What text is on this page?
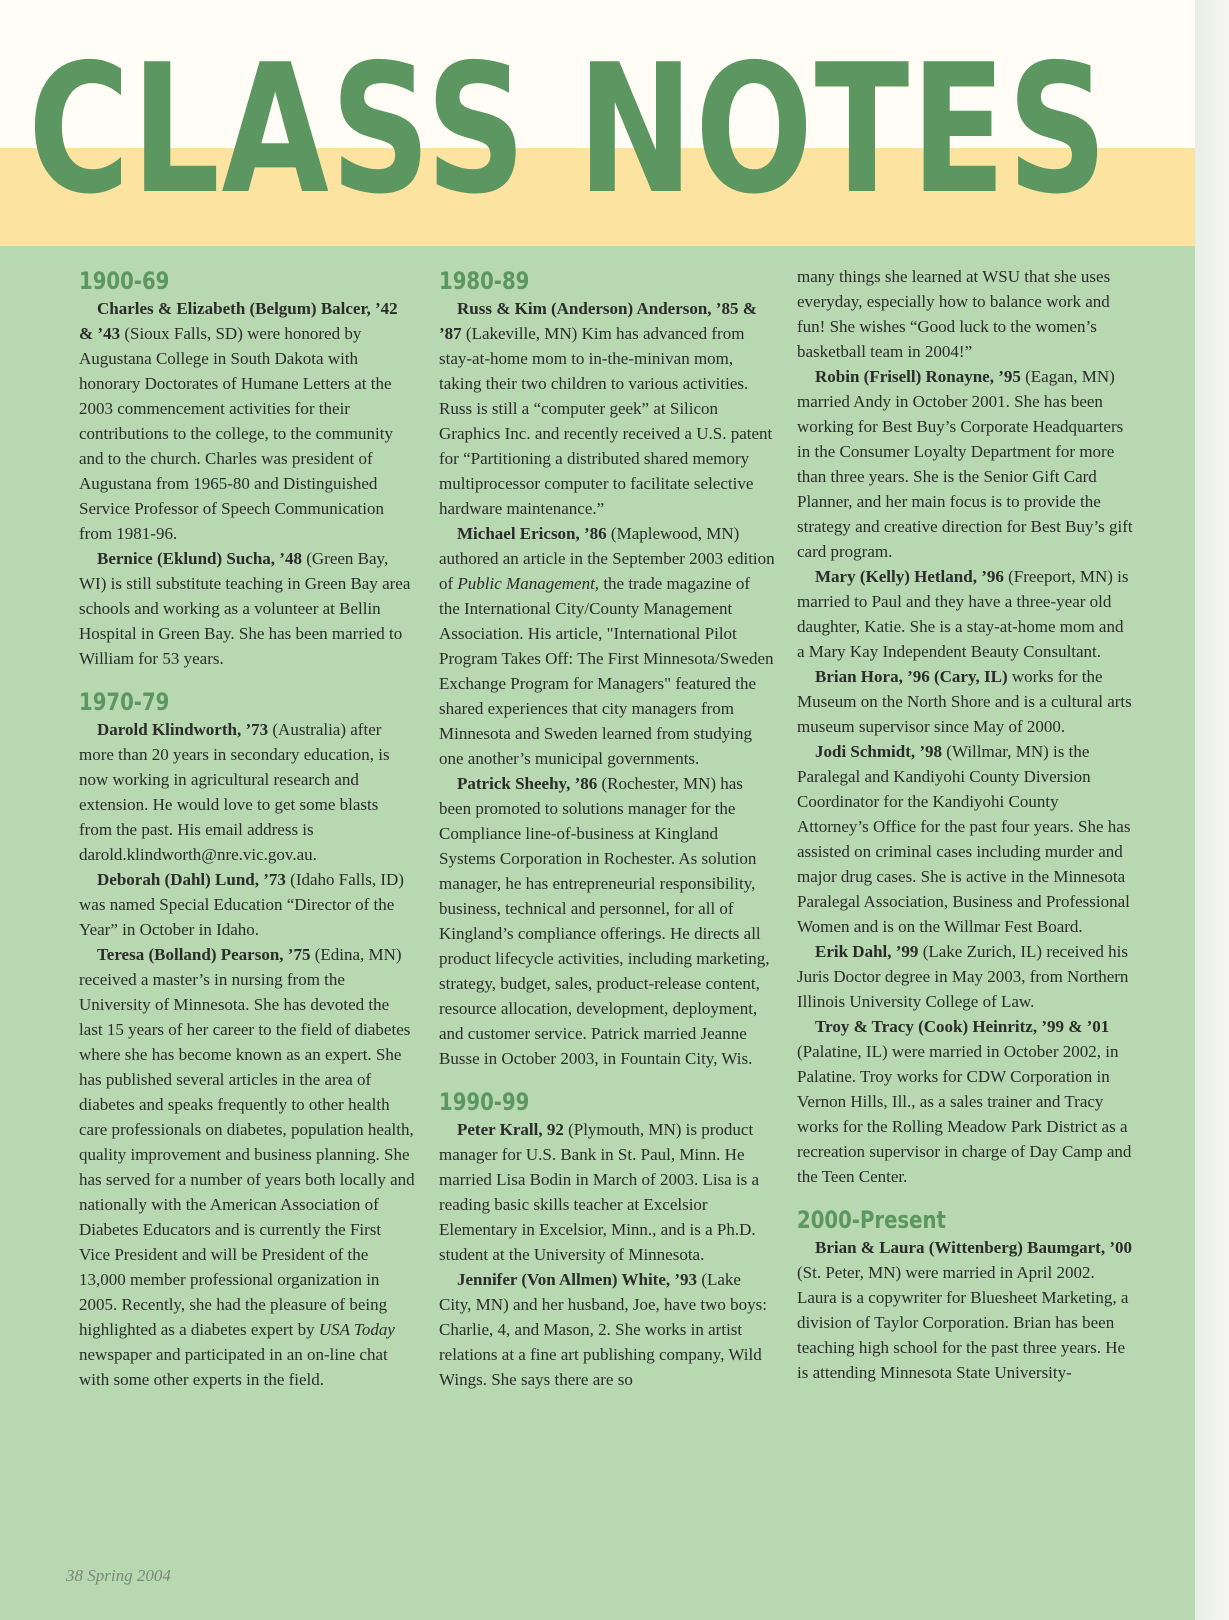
CLASS NOTES
1900-69

Charles & Elizabeth (Belgum) Balcer, ’42 & ’43 (Sioux Falls, SD) were honored by Augustana College in South Dakota with honorary Doctorates of Humane Letters at the 2003 commencement activities for their contributions to the college, to the community and to the church. Charles was president of Augustana from 1965-80 and Distinguished Service Professor of Speech Communication from 1981-96.

Bernice (Eklund) Sucha, ’48 (Green Bay, WI) is still substitute teaching in Green Bay area schools and working as a volunteer at Bellin Hospital in Green Bay. She has been married to William for 53 years.

1970-79

Darold Klindworth, ’73 (Australia) after more than 20 years in secondary education, is now working in agricultural research and extension. He would love to get some blasts from the past. His email address is darold.klindworth@nre.vic.gov.au.

Deborah (Dahl) Lund, ’73 (Idaho Falls, ID) was named Special Education “Director of the Year” in October in Idaho.

Teresa (Bolland) Pearson, ’75 (Edina, MN) received a master’s in nursing from the University of Minnesota. She has devoted the last 15 years of her career to the field of diabetes where she has become known as an expert. She has published several articles in the area of diabetes and speaks frequently to other health care professionals on diabetes, population health, quality improvement and business planning. She has served for a number of years both locally and nationally with the American Association of Diabetes Educators and is currently the First Vice President and will be President of the 13,000 member professional organization in 2005. Recently, she had the pleasure of being highlighted as a diabetes expert by USA Today newspaper and participated in an on-line chat with some other experts in the field.

1980-89

Russ & Kim (Anderson) Anderson, ’85 & ’87 (Lakeville, MN) Kim has advanced from stay-at-home mom to in-the-minivan mom, taking their two children to various activities. Russ is still a “computer geek” at Silicon Graphics Inc. and recently received a U.S. patent for “Partitioning a distributed shared memory multiprocessor computer to facilitate selective hardware maintenance.”

Michael Ericson, ’86 (Maplewood, MN) authored an article in the September 2003 edition of Public Management, the trade magazine of the International City/County Management Association. His article, "International Pilot Program Takes Off: The First Minnesota/Sweden Exchange Program for Managers" featured the shared experiences that city managers from Minnesota and Sweden learned from studying one another’s municipal governments.

Patrick Sheehy, ’86 (Rochester, MN) has been promoted to solutions manager for the Compliance line-of-business at Kingland Systems Corporation in Rochester. As solution manager, he has entrepreneurial responsibility, business, technical and personnel, for all of Kingland’s compliance offerings. He directs all product lifecycle activities, including marketing, strategy, budget, sales, product-release content, resource allocation, development, deployment, and customer service. Patrick married Jeanne Busse in October 2003, in Fountain City, Wis.

1990-99

Peter Krall, 92 (Plymouth, MN) is product manager for U.S. Bank in St. Paul, Minn. He married Lisa Bodin in March of 2003. Lisa is a reading basic skills teacher at Excelsior Elementary in Excelsior, Minn., and is a Ph.D. student at the University of Minnesota.

Jennifer (Von Allmen) White, ’93 (Lake City, MN) and her husband, Joe, have two boys: Charlie, 4, and Mason, 2. She works in artist relations at a fine art publishing company, Wild Wings. She says there are so

many things she learned at WSU that she uses everyday, especially how to balance work and fun! She wishes “Good luck to the women’s basketball team in 2004!”

Robin (Frisell) Ronayne, ’95 (Eagan, MN) married Andy in October 2001. She has been working for Best Buy’s Corporate Headquarters in the Consumer Loyalty Department for more than three years. She is the Senior Gift Card Planner, and her main focus is to provide the strategy and creative direction for Best Buy’s gift card program.

Mary (Kelly) Hetland, ’96 (Freeport, MN) is married to Paul and they have a three-year old daughter, Katie. She is a stay-at-home mom and a Mary Kay Independent Beauty Consultant.

Brian Hora, ’96 (Cary, IL) works for the Museum on the North Shore and is a cultural arts museum supervisor since May of 2000.

Jodi Schmidt, ’98 (Willmar, MN) is the Paralegal and Kandiyohi County Diversion Coordinator for the Kandiyohi County Attorney’s Office for the past four years. She has assisted on criminal cases including murder and major drug cases. She is active in the Minnesota Paralegal Association, Business and Professional Women and is on the Willmar Fest Board.

Erik Dahl, ’99 (Lake Zurich, IL) received his Juris Doctor degree in May 2003, from Northern Illinois University College of Law.

Troy & Tracy (Cook) Heinritz, ’99 & ’01 (Palatine, IL) were married in October 2002, in Palatine. Troy works for CDW Corporation in Vernon Hills, Ill., as a sales trainer and Tracy works for the Rolling Meadow Park District as a recreation supervisor in charge of Day Camp and the Teen Center.

2000-Present

Brian & Laura (Wittenberg) Baumgart, ’00 (St. Peter, MN) were married in April 2002. Laura is a copywriter for Bluesheet Marketing, a division of Taylor Corporation. Brian has been teaching high school for the past three years. He is attending Minnesota State University-

38 Spring 2004
